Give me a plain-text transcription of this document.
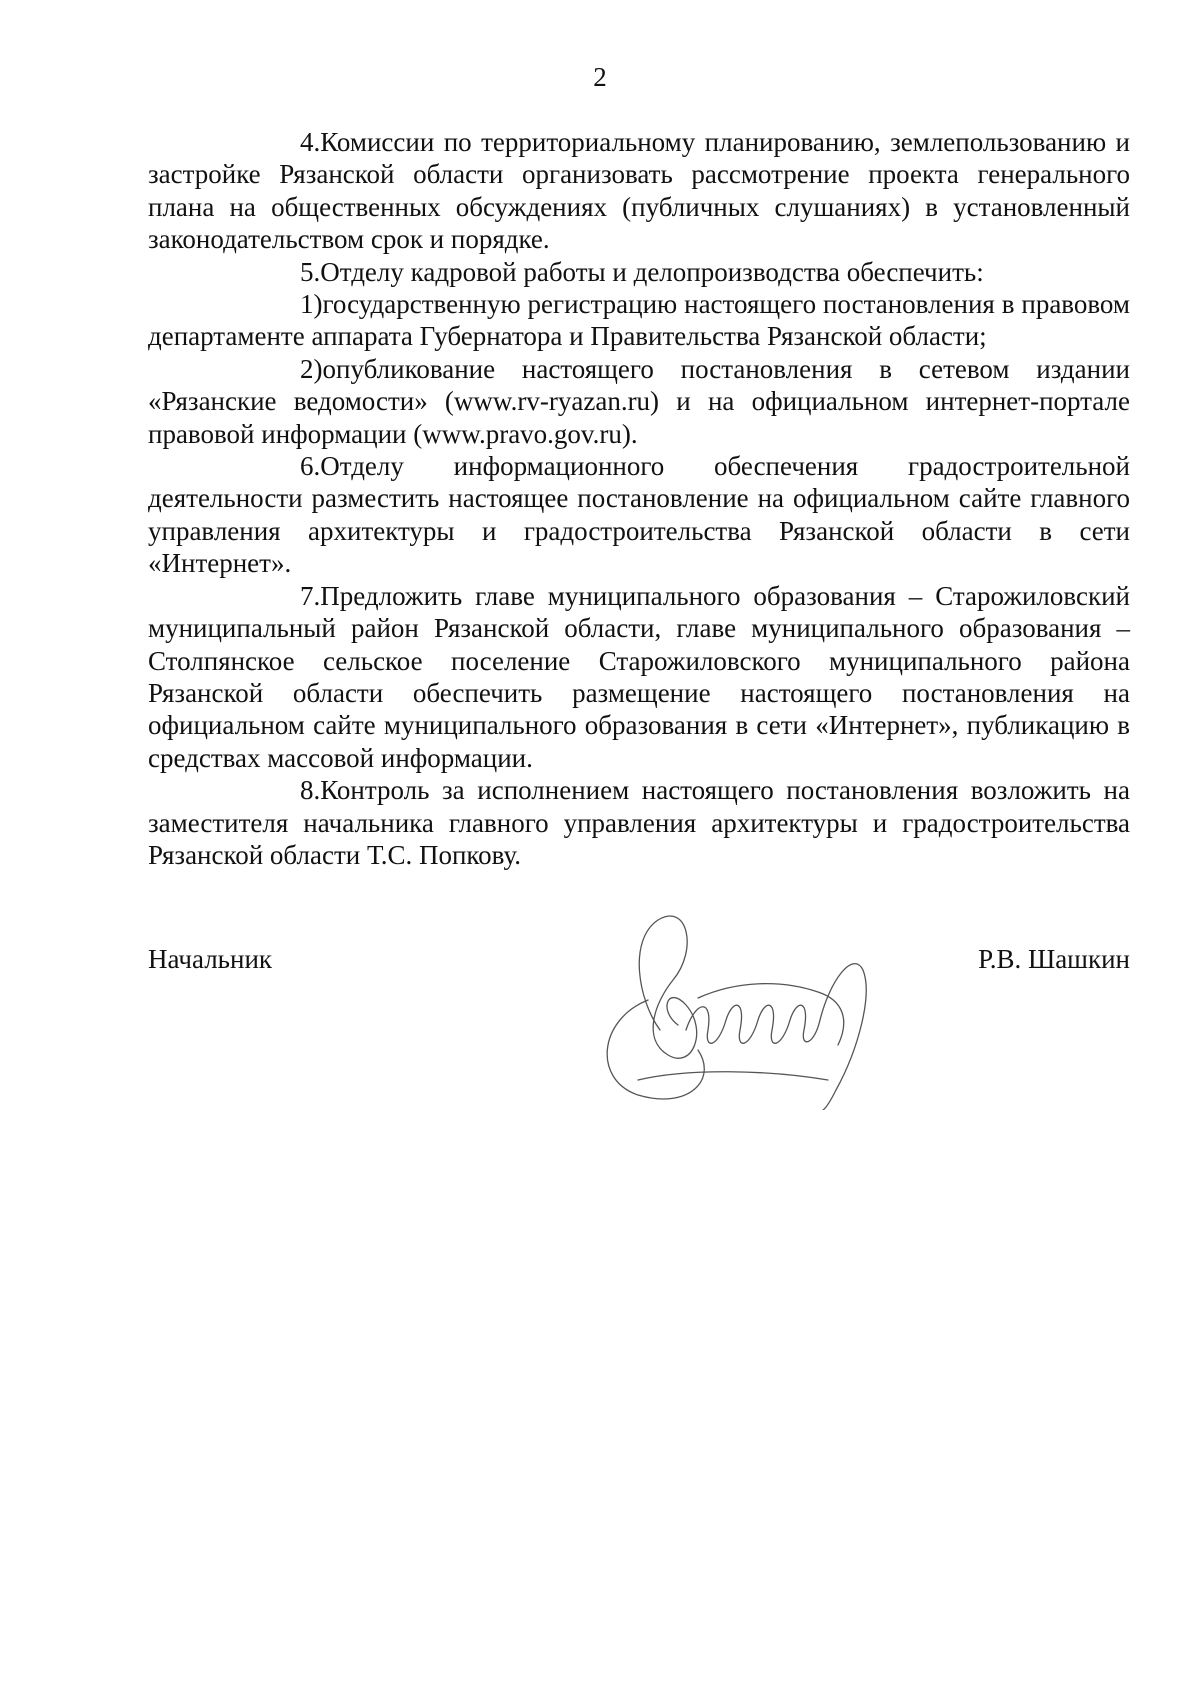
2

4.Комиссии по территориальному планированию, землепользованию и застройке Рязанской области организовать рассмотрение проекта генерального плана на общественных обсуждениях (публичных слушаниях) в установленный законодательством срок и порядке.

5.Отделу кадровой работы и делопроизводства обеспечить:

1)государственную регистрацию настоящего постановления в правовом департаменте аппарата Губернатора и Правительства Рязанской области;

2)опубликование настоящего постановления в сетевом издании «Рязанские ведомости» (www.rv-ryazan.ru) и на официальном интернет-портале правовой информации (www.pravo.gov.ru).

6.Отделу информационного обеспечения градостроительной деятельности разместить настоящее постановление на официальном сайте главного управления архитектуры и градостроительства Рязанской области в сети «Интернет».

7.Предложить главе муниципального образования – Старожиловский муниципальный район Рязанской области, главе муниципального образования – Столпянское сельское поселение Старожиловского муниципального района Рязанской области обеспечить размещение настоящего постановления на официальном сайте муниципального образования в сети «Интернет», публикацию в средствах массовой информации.

8.Контроль за исполнением настоящего постановления возложить на заместителя начальника главного управления архитектуры и градостроительства Рязанской области Т.С. Попкову.

Начальник	Р.В. Шашкин
